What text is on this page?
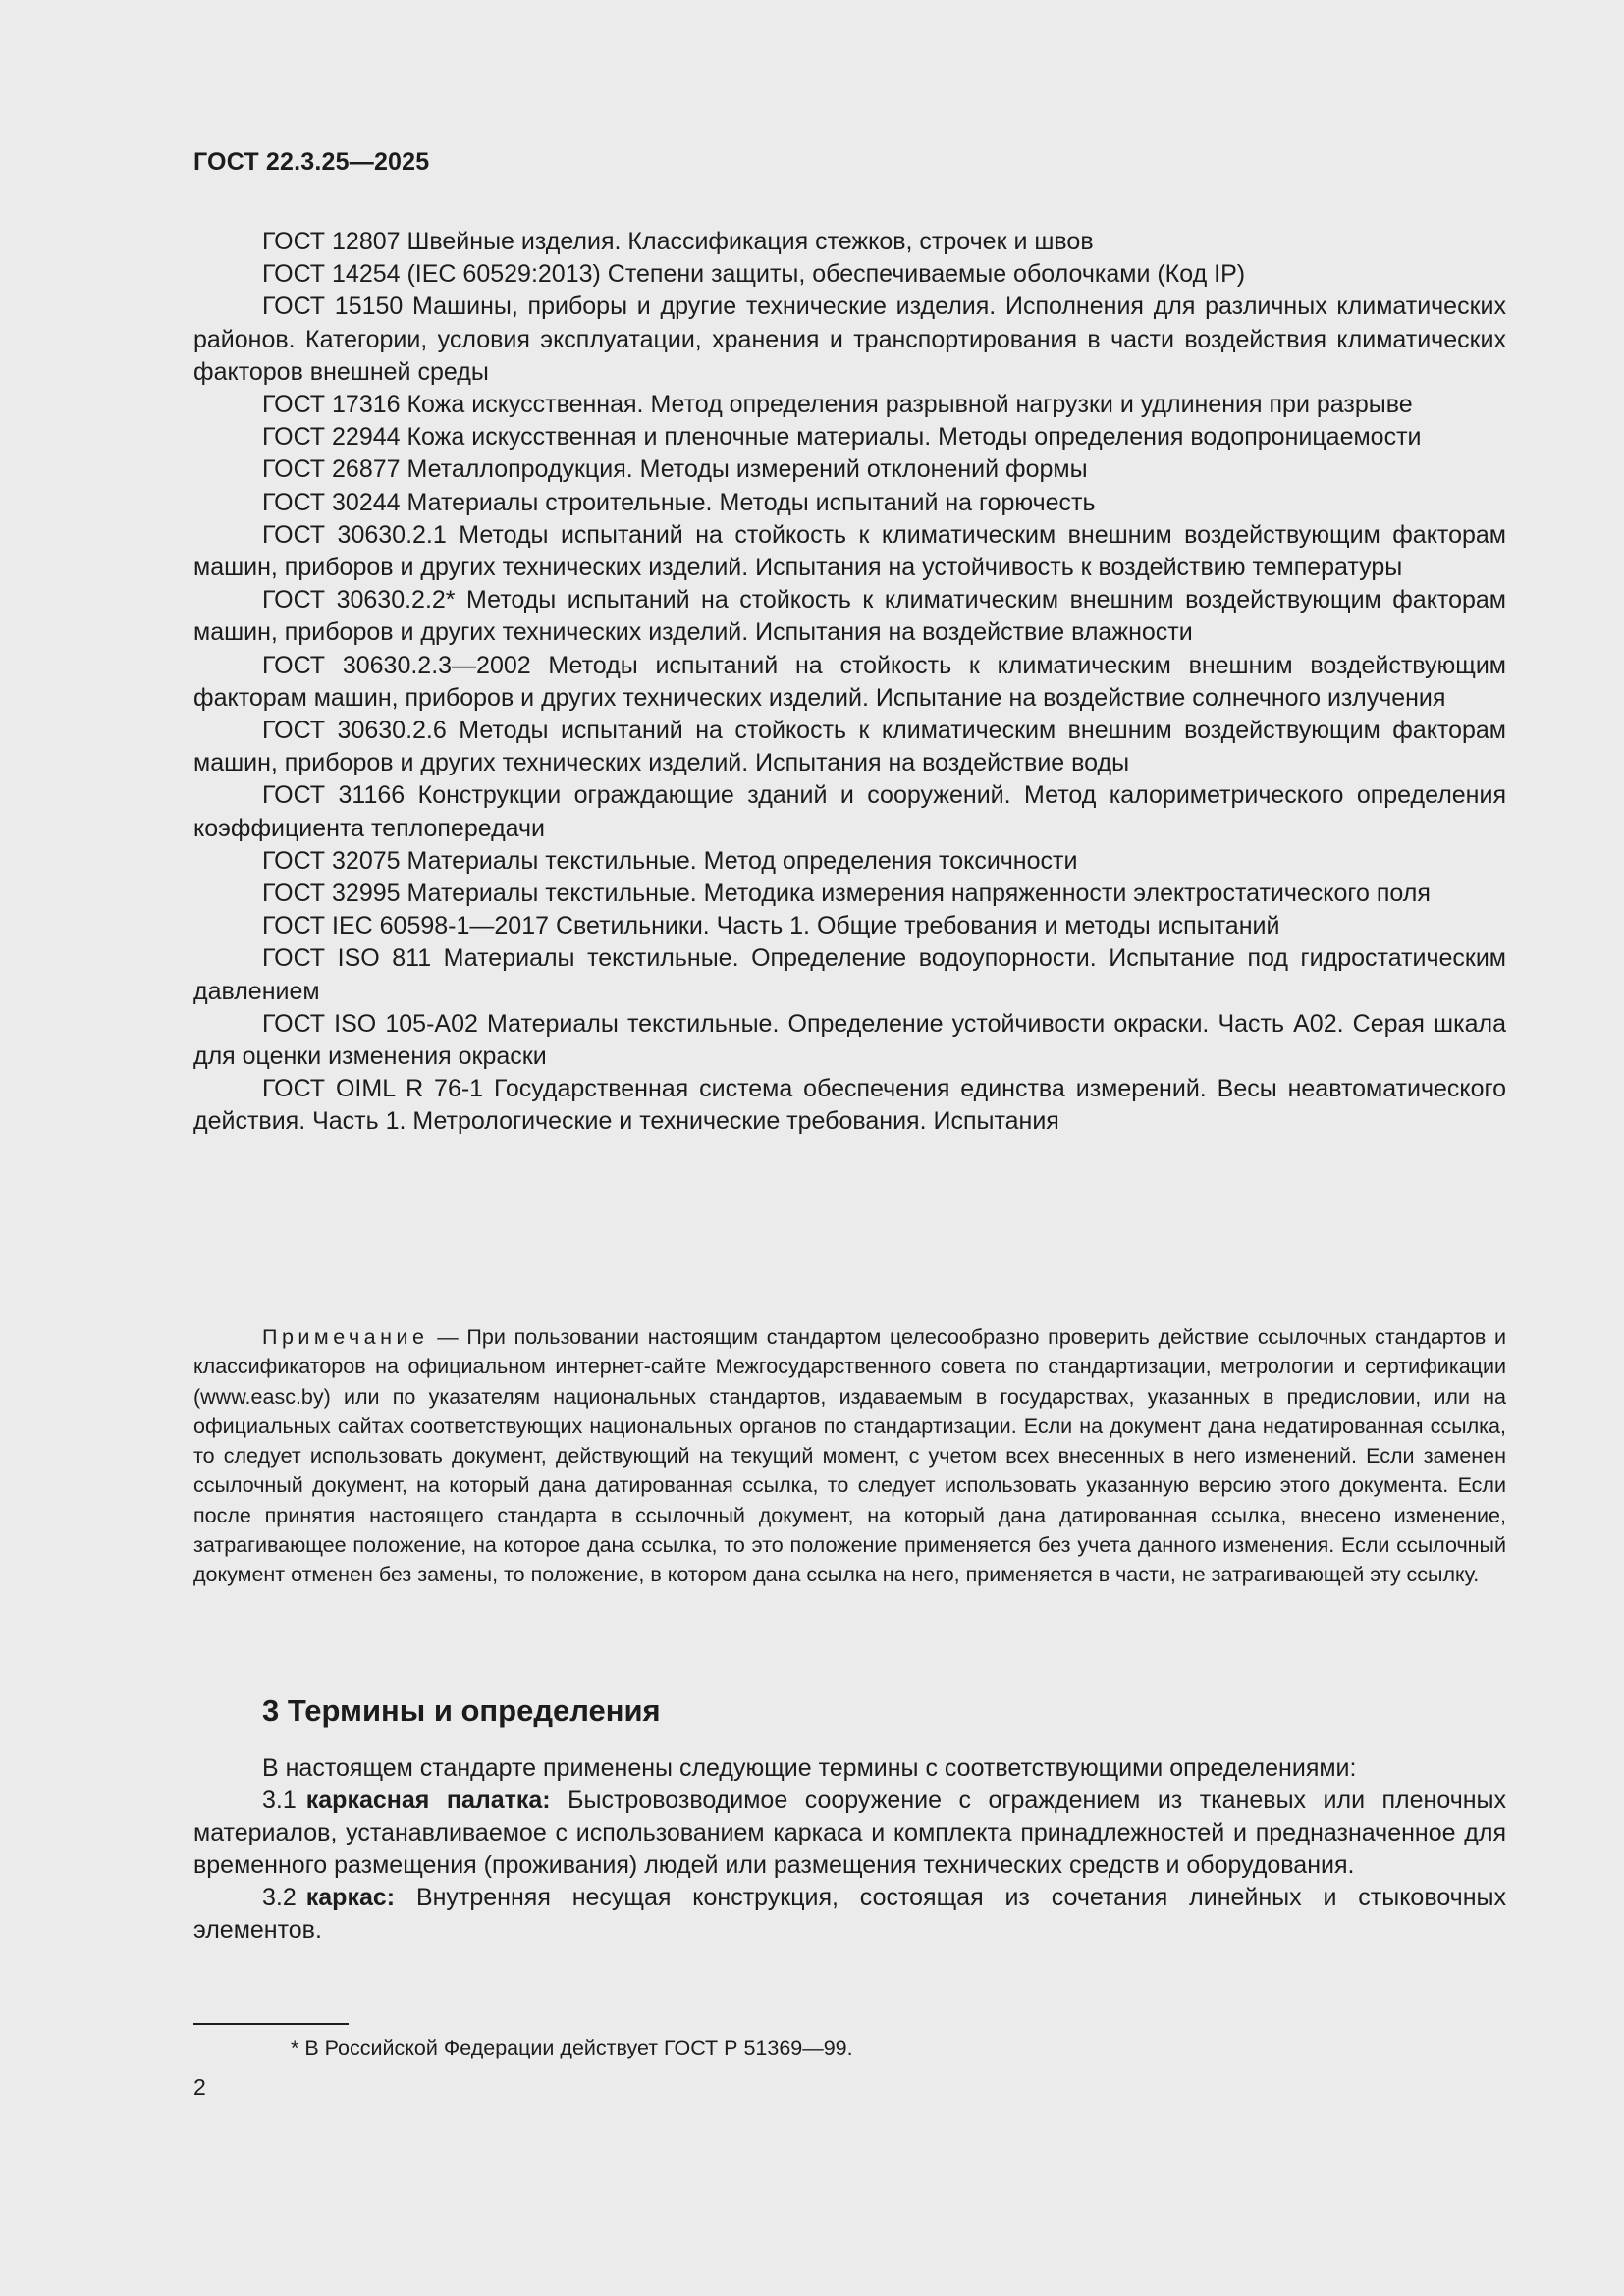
ГОСТ 22.3.25—2025

ГОСТ 12807 Швейные изделия. Классификация стежков, строчек и швов

ГОСТ 14254 (IEC 60529:2013) Степени защиты, обеспечиваемые оболочками (Код IP)

ГОСТ 15150 Машины, приборы и другие технические изделия. Исполнения для различных климатических районов. Категории, условия эксплуатации, хранения и транспортирования в части воздействия климатических факторов внешней среды

ГОСТ 17316 Кожа искусственная. Метод определения разрывной нагрузки и удлинения при разрыве

ГОСТ 22944 Кожа искусственная и пленочные материалы. Методы определения водопроницаемости

ГОСТ 26877 Металлопродукция. Методы измерений отклонений формы

ГОСТ 30244 Материалы строительные. Методы испытаний на горючесть

ГОСТ 30630.2.1 Методы испытаний на стойкость к климатическим внешним воздействующим факторам машин, приборов и других технических изделий. Испытания на устойчивость к воздействию температуры

ГОСТ 30630.2.2* Методы испытаний на стойкость к климатическим внешним воздействующим факторам машин, приборов и других технических изделий. Испытания на воздействие влажности

ГОСТ 30630.2.3—2002 Методы испытаний на стойкость к климатическим внешним воздействующим факторам машин, приборов и других технических изделий. Испытание на воздействие солнечного излучения

ГОСТ 30630.2.6 Методы испытаний на стойкость к климатическим внешним воздействующим факторам машин, приборов и других технических изделий. Испытания на воздействие воды

ГОСТ 31166 Конструкции ограждающие зданий и сооружений. Метод калориметрического определения коэффициента теплопередачи

ГОСТ 32075 Материалы текстильные. Метод определения токсичности

ГОСТ 32995 Материалы текстильные. Методика измерения напряженности электростатического поля

ГОСТ IEC 60598-1—2017 Светильники. Часть 1. Общие требования и методы испытаний

ГОСТ ISO 811 Материалы текстильные. Определение водоупорности. Испытание под гидростатическим давлением

ГОСТ ISO 105-A02 Материалы текстильные. Определение устойчивости окраски. Часть A02. Серая шкала для оценки изменения окраски

ГОСТ OIML R 76-1 Государственная система обеспечения единства измерений. Весы неавтоматического действия. Часть 1. Метрологические и технические требования. Испытания

Примечание — При пользовании настоящим стандартом целесообразно проверить действие ссылочных стандартов и классификаторов на официальном интернет-сайте Межгосударственного совета по стандартизации, метрологии и сертификации (www.easc.by) или по указателям национальных стандартов, издаваемым в государствах, указанных в предисловии, или на официальных сайтах соответствующих национальных органов по стандартизации. Если на документ дана недатированная ссылка, то следует использовать документ, действующий на текущий момент, с учетом всех внесенных в него изменений. Если заменен ссылочный документ, на который дана датированная ссылка, то следует использовать указанную версию этого документа. Если после принятия настоящего стандарта в ссылочный документ, на который дана датированная ссылка, внесено изменение, затрагивающее положение, на которое дана ссылка, то это положение применяется без учета данного изменения. Если ссылочный документ отменен без замены, то положение, в котором дана ссылка на него, применяется в части, не затрагивающей эту ссылку.

3 Термины и определения

В настоящем стандарте применены следующие термины с соответствующими определениями:

3.1 каркасная палатка: Быстровозводимое сооружение с ограждением из тканевых или пленочных материалов, устанавливаемое с использованием каркаса и комплекта принадлежностей и предназначенное для временного размещения (проживания) людей или размещения технических средств и оборудования.

3.2 каркас: Внутренняя несущая конструкция, состоящая из сочетания линейных и стыковочных элементов.

* В Российской Федерации действует ГОСТ Р 51369—99.

2
